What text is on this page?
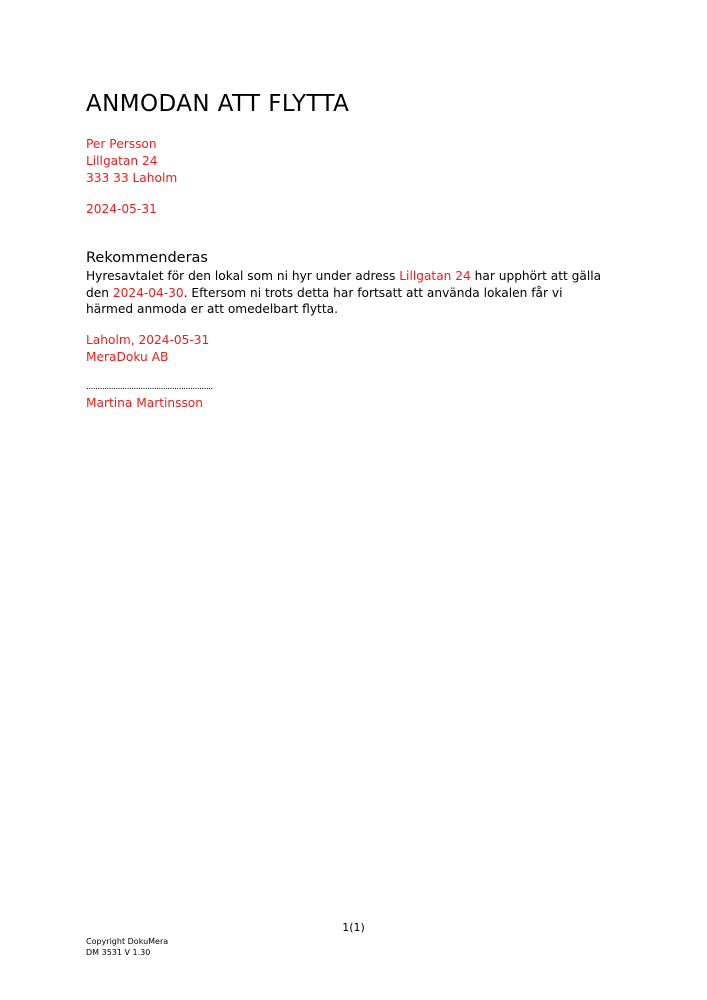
ANMODAN ATT FLYTTA
Per Persson
Lillgatan 24
333 33 Laholm
2024-05-31
Rekommenderas
Hyresavtalet för den lokal som ni hyr under adress Lillgatan 24 har upphört att gälla den 2024-04-30. Eftersom ni trots detta har fortsatt att använda lokalen får vi härmed anmoda er att omedelbart flytta.
Laholm, 2024-05-31
MeraDoku AB
........................................................
Martina Martinsson
1(1)
Copyright DokuMera
DM 3531 V 1.30
